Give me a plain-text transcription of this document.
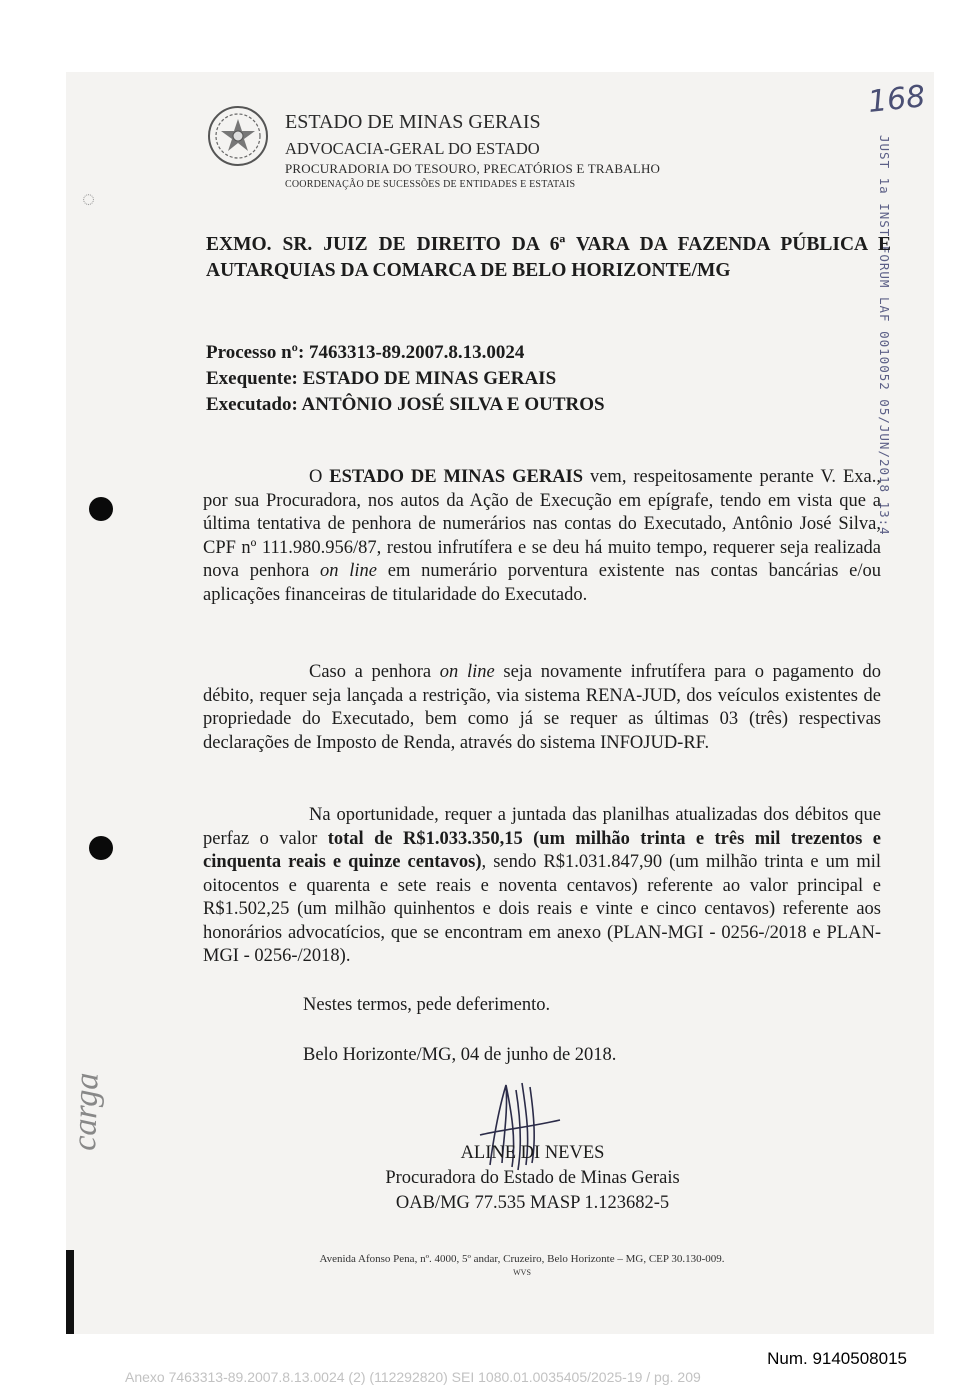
ESTADO DE MINAS GERAIS
ADVOCACIA-GERAL DO ESTADO
PROCURADORIA DO TESOURO, PRECATÓRIOS E TRABALHO
COORDENAÇÃO DE SUCESSÕES DE ENTIDADES E ESTATAIS
168
JUST 1a INST FORUM LAF 0010052 05/JUN/2018 13:4
◌
EXMO. SR. JUIZ DE DIREITO DA 6ª VARA DA FAZENDA PÚBLICA E AUTARQUIAS DA COMARCA DE BELO HORIZONTE/MG
Processo nº: 7463313-89.2007.8.13.0024
Exequente: ESTADO DE MINAS GERAIS
Executado: ANTÔNIO JOSÉ SILVA E OUTROS

O ESTADO DE MINAS GERAIS vem, respeitosamente perante V. Exa., por sua Procuradora, nos autos da Ação de Execução em epígrafe, tendo em vista que a última tentativa de penhora de numerários nas contas do Executado, Antônio José Silva, CPF nº 111.980.956/87, restou infrutífera e se deu há muito tempo, requerer seja realizada nova penhora on line em numerário porventura existente nas contas bancárias e/ou aplicações financeiras de titularidade do Executado.

Caso a penhora on line seja novamente infrutífera para o pagamento do débito, requer seja lançada a restrição, via sistema RENA-JUD, dos veículos existentes de propriedade do Executado, bem como já se requer as últimas 03 (três) respectivas declarações de Imposto de Renda, através do sistema INFOJUD-RF.

Na oportunidade, requer a juntada das planilhas atualizadas dos débitos que perfaz o valor total de R$1.033.350,15 (um milhão trinta e três mil trezentos e cinquenta reais e quinze centavos), sendo R$1.031.847,90 (um milhão trinta e um mil oitocentos e quarenta e sete reais e noventa centavos) referente ao valor principal e R$1.502,25 (um milhão quinhentos e dois reais e vinte e cinco centavos) referente aos honorários advocatícios, que se encontram em anexo (PLAN-MGI - 0256-/2018 e PLAN-MGI - 0256-/2018).

Nestes termos, pede deferimento.
Belo Horizonte/MG, 04 de junho de 2018.
ALINE DI NEVES
Procuradora do Estado de Minas Gerais
OAB/MG 77.535 MASP 1.123682-5
Avenida Afonso Pena, nº. 4000, 5º andar, Cruzeiro, Belo Horizonte – MG, CEP 30.130-009.
WVS
carga
Num. 9140508015
Anexo 7463313-89.2007.8.13.0024 (2) (112292820) SEI 1080.01.0035405/2025-19 / pg. 209
